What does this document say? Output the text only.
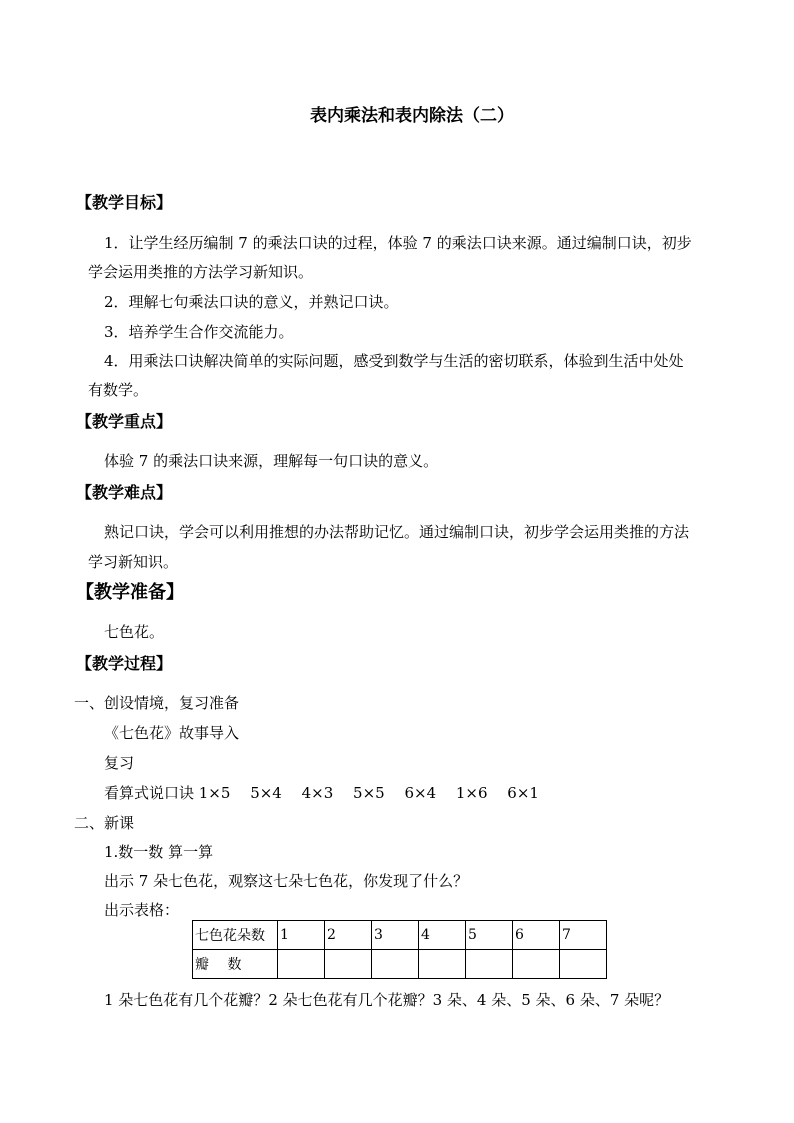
表内乘法和表内除法（二）
【教学目标】
1．让学生经历编制 7 的乘法口诀的过程，体验 7 的乘法口诀来源。通过编制口诀，初步
学会运用类推的方法学习新知识。
2．理解七句乘法口诀的意义，并熟记口诀。
3．培养学生合作交流能力。
4．用乘法口诀解决简单的实际问题，感受到数学与生活的密切联系，体验到生活中处处
有数学。
【教学重点】
体验 7 的乘法口诀来源，理解每一句口诀的意义。
【教学难点】
熟记口诀，学会可以利用推想的办法帮助记忆。通过编制口诀，初步学会运用类推的方法
学习新知识。
【教学准备】
七色花。
【教学过程】
一、创设情境，复习准备
《七色花》故事导入
复习
看算式说口诀 1×5　 5×4　 4×3　 5×5　 6×4　 1×6　 6×1
二、新课
1.数一数 算一算
出示 7 朵七色花，观察这七朵七色花，你发现了什么？
出示表格：
七色花朵数	1	2	3	4	5	6	7
瓣　 数							
1 朵七色花有几个花瓣？2 朵七色花有几个花瓣？3 朵、4 朵、5 朵、6 朵、7 朵呢？
